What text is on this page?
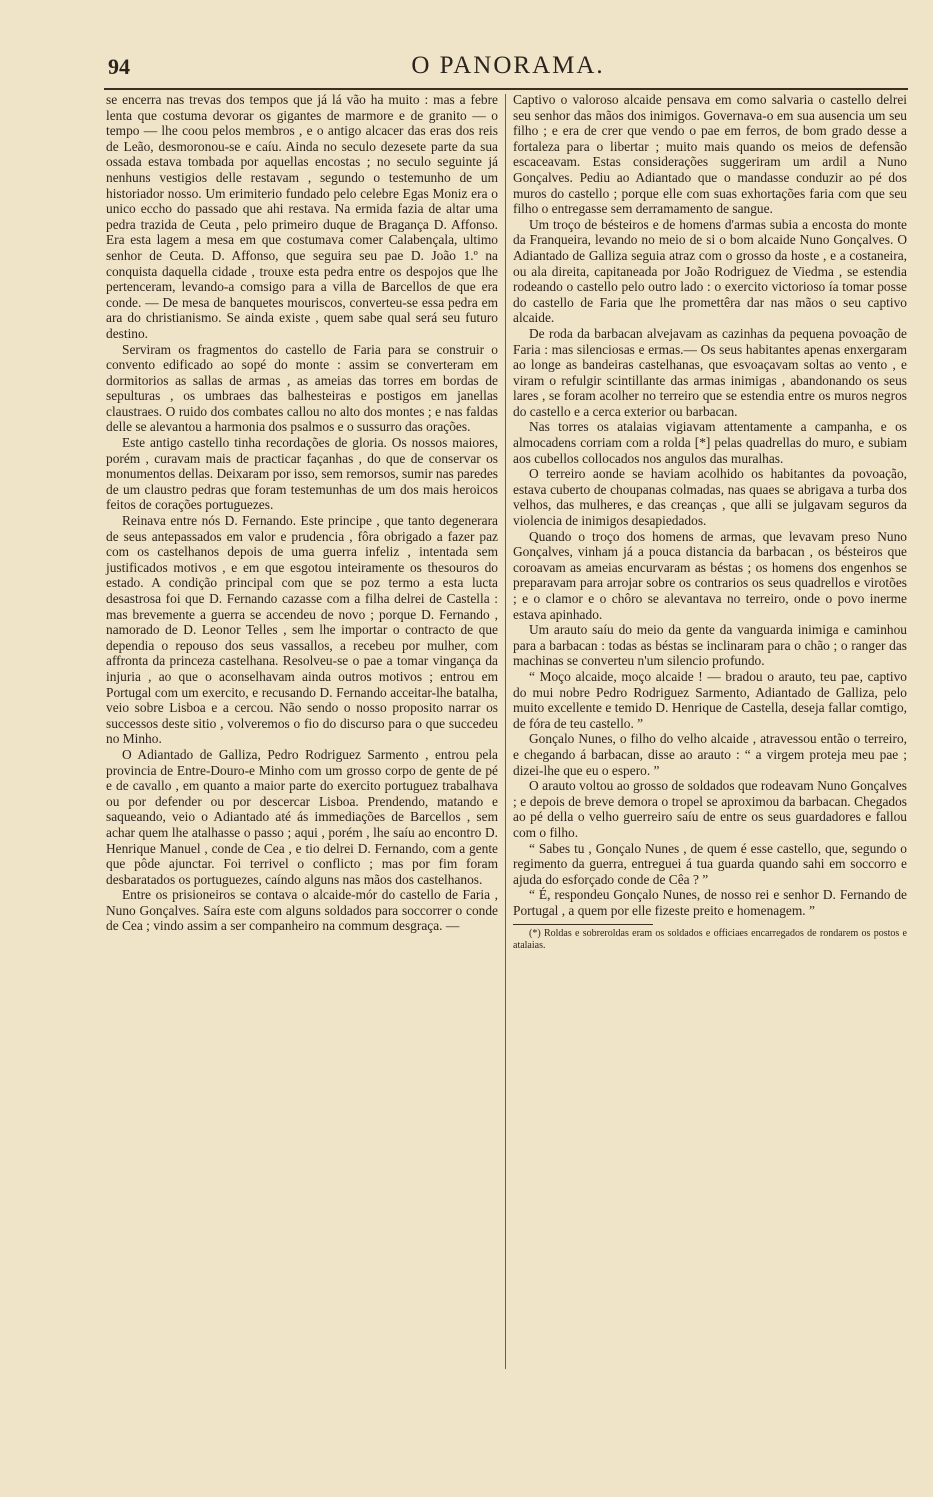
94	O PANORAMA.

se encerra nas trevas dos tempos que já lá vão ha muito : mas a febre lenta que costuma devorar os gigantes de marmore e de granito — o tempo — lhe coou pelos membros , e o antigo alcacer das eras dos reis de Leão, desmoronou-se e caíu. Ainda no seculo dezesete parte da sua ossada estava tombada por aquellas encostas ; no seculo seguinte já nenhuns vestigios delle restavam , segundo o testemunho de um historiador nosso. Um erimiterio fundado pelo celebre Egas Moniz era o unico eccho do passado que ahi restava. Na ermida fazia de altar uma pedra trazida de Ceuta , pelo primeiro duque de Bragança D. Affonso. Era esta lagem a mesa em que costumava comer Calabençala, ultimo senhor de Ceuta. D. Affonso, que seguira seu pae D. João 1.º na conquista daquella cidade , trouxe esta pedra entre os despojos que lhe pertenceram, levando-a comsigo para a villa de Barcellos de que era conde. — De mesa de banquetes mouriscos, converteu-se essa pedra em ara do christianismo. Se ainda existe , quem sabe qual será seu futuro destino.

Serviram os fragmentos do castello de Faria para se construir o convento edificado ao sopé do monte : assim se converteram em dormitorios as sallas de armas , as ameias das torres em bordas de sepulturas , os umbraes das balhesteiras e postigos em janellas claustraes. O ruido dos combates callou no alto dos montes ; e nas faldas delle se alevantou a harmonia dos psalmos e o sussurro das orações.

Este antigo castello tinha recordações de gloria. Os nossos maiores, porém , curavam mais de practicar façanhas , do que de conservar os monumentos dellas. Deixaram por isso, sem remorsos, sumir nas paredes de um claustro pedras que foram testemunhas de um dos mais heroicos feitos de corações portuguezes.

Reinava entre nós D. Fernando. Este principe , que tanto degenerara de seus antepassados em valor e prudencia , fôra obrigado a fazer paz com os castelhanos depois de uma guerra infeliz , intentada sem justificados motivos , e em que esgotou inteiramente os thesouros do estado. A condição principal com que se poz termo a esta lucta desastrosa foi que D. Fernando cazasse com a filha delrei de Castella : mas brevemente a guerra se accendeu de novo ; porque D. Fernando , namorado de D. Leonor Telles , sem lhe importar o contracto de que dependia o repouso dos seus vassallos, a recebeu por mulher, com affronta da princeza castelhana. Resolveu-se o pae a tomar vingança da injuria , ao que o aconselhavam ainda outros motivos ; entrou em Portugal com um exercito, e recusando D. Fernando acceitar-lhe batalha, veio sobre Lisboa e a cercou. Não sendo o nosso proposito narrar os successos deste sitio , volveremos o fio do discurso para o que succedeu no Minho.

O Adiantado de Galliza, Pedro Rodriguez Sarmento , entrou pela provincia de Entre-Douro-e Minho com um grosso corpo de gente de pé e de cavallo , em quanto a maior parte do exercito portuguez trabalhava ou por defender ou por descercar Lisboa. Prendendo, matando e saqueando, veio o Adiantado até ás immediações de Barcellos , sem achar quem lhe atalhasse o passo ; aqui , porém , lhe saíu ao encontro D. Henrique Manuel , conde de Cea , e tio delrei D. Fernando, com a gente que pôde ajunctar. Foi terrivel o conflicto ; mas por fim foram desbaratados os portuguezes, caíndo alguns nas mãos dos castelhanos.

Entre os prisioneiros se contava o alcaide-mór do castello de Faria , Nuno Gonçalves. Saíra este com alguns soldados para soccorrer o conde de Cea ; vindo assim a ser companheiro na commum desgraça. —

Captivo o valoroso alcaide pensava em como salvaria o castello delrei seu senhor das mãos dos inimigos. Governava-o em sua ausencia um seu filho ; e era de crer que vendo o pae em ferros, de bom grado desse a fortaleza para o libertar ; muito mais quando os meios de defensão escaceavam. Estas considerações suggeriram um ardil a Nuno Gonçalves. Pediu ao Adiantado que o mandasse conduzir ao pé dos muros do castello ; porque elle com suas exhortações faria com que seu filho o entregasse sem derramamento de sangue.

Um troço de bésteiros e de homens d'armas subia a encosta do monte da Franqueira, levando no meio de si o bom alcaide Nuno Gonçalves. O Adiantado de Galliza seguia atraz com o grosso da hoste , e a costaneira, ou ala direita, capitaneada por João Rodriguez de Viedma , se estendia rodeando o castello pelo outro lado : o exercito victorioso ía tomar posse do castello de Faria que lhe promettêra dar nas mãos o seu captivo alcaide.

De roda da barbacan alvejavam as cazinhas da pequena povoação de Faria : mas silenciosas e ermas.— Os seus habitantes apenas enxergaram ao longe as bandeiras castelhanas, que esvoaçavam soltas ao vento , e viram o refulgir scintillante das armas inimigas , abandonando os seus lares , se foram acolher no terreiro que se estendia entre os muros negros do castello e a cerca exterior ou barbacan.

Nas torres os atalaias vigiavam attentamente a campanha, e os almocadens corriam com a rolda [*] pelas quadrellas do muro, e subiam aos cubellos collocados nos angulos das muralhas.

O terreiro aonde se haviam acolhido os habitantes da povoação, estava cuberto de choupanas colmadas, nas quaes se abrigava a turba dos velhos, das mulheres, e das creanças , que alli se julgavam seguros da violencia de inimigos desapiedados.

Quando o troço dos homens de armas, que levavam preso Nuno Gonçalves, vinham já a pouca distancia da barbacan , os bésteiros que coroavam as ameias encurvaram as béstas ; os homens dos engenhos se preparavam para arrojar sobre os contrarios os seus quadrellos e virotões ; e o clamor e o chôro se alevantava no terreiro, onde o povo inerme estava apinhado.

Um arauto saíu do meio da gente da vanguarda inimiga e caminhou para a barbacan : todas as béstas se inclinaram para o chão ; o ranger das machinas se converteu n'um silencio profundo.

“ Moço alcaide, moço alcaide ! — bradou o arauto, teu pae, captivo do mui nobre Pedro Rodriguez Sarmento, Adiantado de Galliza, pelo muito excellente e temido D. Henrique de Castella, deseja fallar comtigo, de fóra de teu castello. ”

Gonçalo Nunes, o filho do velho alcaide , atravessou então o terreiro, e chegando á barbacan, disse ao arauto : “ a virgem proteja meu pae ; dizei-lhe que eu o espero. ”

O arauto voltou ao grosso de soldados que rodeavam Nuno Gonçalves ; e depois de breve demora o tropel se aproximou da barbacan. Chegados ao pé della o velho guerreiro saíu de entre os seus guardadores e fallou com o filho.

“ Sabes tu , Gonçalo Nunes , de quem é esse castello, que, segundo o regimento da guerra, entreguei á tua guarda quando sahi em soccorro e ajuda do esforçado conde de Cêa ? ”

“ É, respondeu Gonçalo Nunes, de nosso rei e senhor D. Fernando de Portugal , a quem por elle fizeste preito e homenagem. ”

(*) Roldas e sobreroldas eram os soldados e officiaes encarregados de rondarem os postos e atalaias.
